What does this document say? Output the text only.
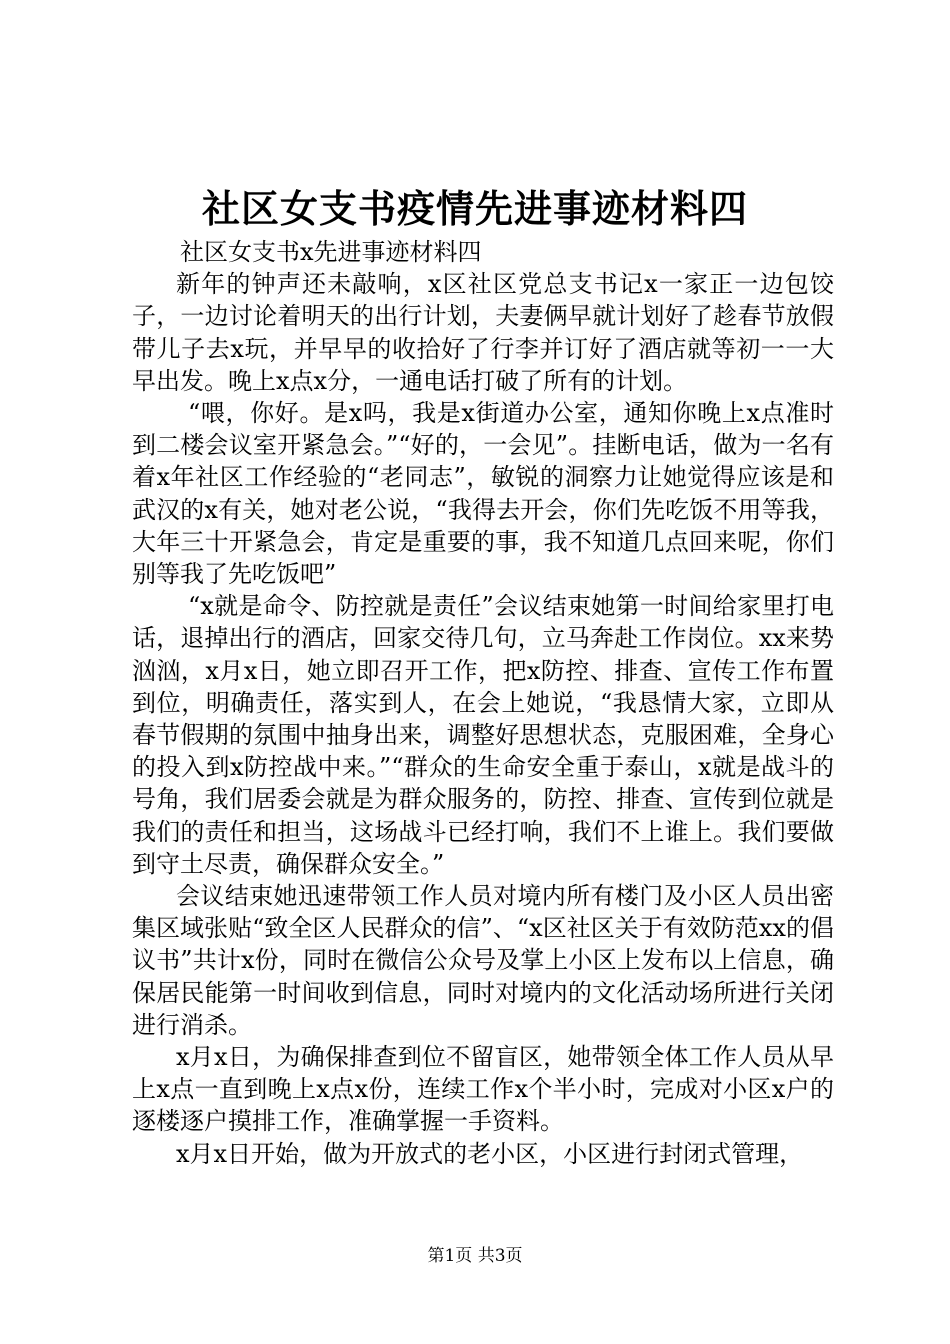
社区女支书疫情先进事迹材料四

社区女支书x先进事迹材料四

新年的钟声还未敲响，x区社区党总支书记x一家正一边包饺子，一边讨论着明天的出行计划，夫妻俩早就计划好了趁春节放假带儿子去x玩，并早早的收拾好了行李并订好了酒店就等初一一大早出发。晚上x点x分，一通电话打破了所有的计划。

“喂，你好。是x吗，我是x街道办公室，通知你晚上x点准时到二楼会议室开紧急会。”“好的，一会见”。挂断电话，做为一名有着x年社区工作经验的“老同志”，敏锐的洞察力让她觉得应该是和武汉的x有关，她对老公说，“我得去开会，你们先吃饭不用等我，大年三十开紧急会，肯定是重要的事，我不知道几点回来呢，你们别等我了先吃饭吧”

“x就是命令、防控就是责任”会议结束她第一时间给家里打电话，退掉出行的酒店，回家交待几句，立马奔赴工作岗位。xx来势汹汹，x月x日，她立即召开工作，把x防控、排查、宣传工作布置到位，明确责任，落实到人，在会上她说，“我恳情大家，立即从春节假期的氛围中抽身出来，调整好思想状态，克服困难，全身心的投入到x防控战中来。”“群众的生命安全重于泰山，x就是战斗的号角，我们居委会就是为群众服务的，防控、排查、宣传到位就是我们的责任和担当，这场战斗已经打响，我们不上谁上。我们要做到守土尽责，确保群众安全。”

会议结束她迅速带领工作人员对境内所有楼门及小区人员出密集区域张贴“致全区人民群众的信”、“x区社区关于有效防范xx的倡议书”共计x份，同时在微信公众号及掌上小区上发布以上信息，确保居民能第一时间收到信息，同时对境内的文化活动场所进行关闭进行消杀。

x月x日，为确保排查到位不留盲区，她带领全体工作人员从早上x点一直到晚上x点x份，连续工作x个半小时，完成对小区x户的逐楼逐户摸排工作，准确掌握一手资料。

x月x日开始，做为开放式的老小区，小区进行封闭式管理，

第1页 共3页
